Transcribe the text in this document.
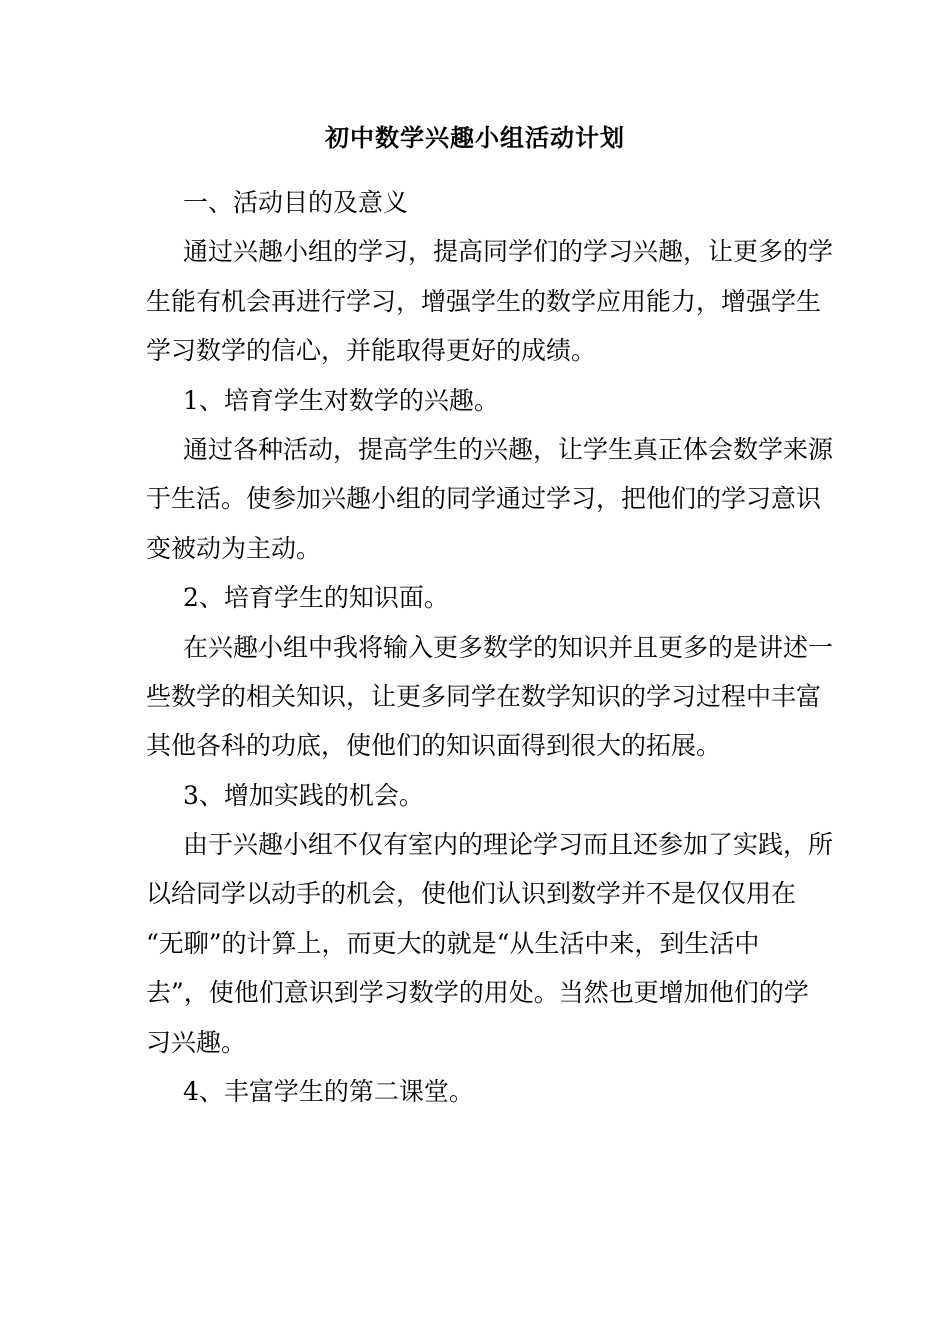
初中数学兴趣小组活动计划
一、活动目的及意义
通过兴趣小组的学习，提高同学们的学习兴趣，让更多的学
生能有机会再进行学习，增强学生的数学应用能力，增强学生
学习数学的信心，并能取得更好的成绩。
1、培育学生对数学的兴趣。
通过各种活动，提高学生的兴趣，让学生真正体会数学来源
于生活。使参加兴趣小组的同学通过学习，把他们的学习意识
变被动为主动。
2、培育学生的知识面。
在兴趣小组中我将输入更多数学的知识并且更多的是讲述一
些数学的相关知识，让更多同学在数学知识的学习过程中丰富
其他各科的功底，使他们的知识面得到很大的拓展。
3、增加实践的机会。
由于兴趣小组不仅有室内的理论学习而且还参加了实践，所
以给同学以动手的机会，使他们认识到数学并不是仅仅用在
“无聊”的计算上，而更大的就是“从生活中来，到生活中
去”，使他们意识到学习数学的用处。当然也更增加他们的学
习兴趣。
4、丰富学生的第二课堂。
